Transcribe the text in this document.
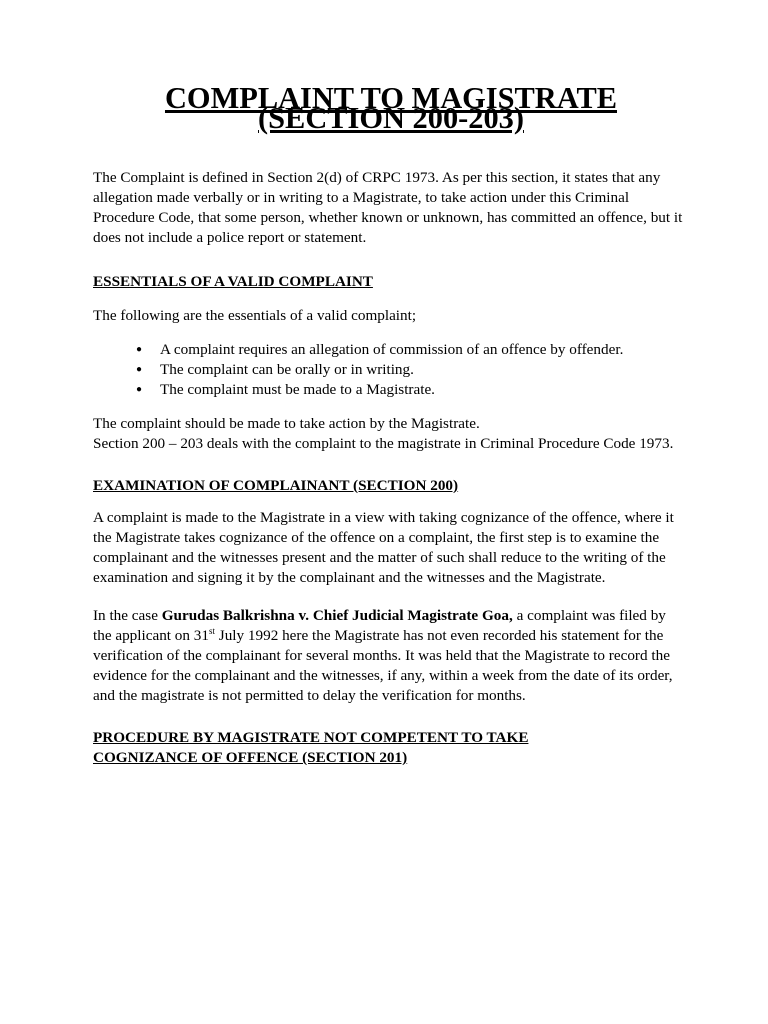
COMPLAINT TO MAGISTRATE (SECTION 200-203)

The Complaint is defined in Section 2(d) of CRPC 1973. As per this section, it states that any allegation made verbally or in writing to a Magistrate, to take action under this Criminal Procedure Code, that some person, whether known or unknown, has committed an offence, but it does not include a police report or statement.

ESSENTIALS OF A VALID COMPLAINT

The following are the essentials of a valid complaint;

● A complaint requires an allegation of commission of an offence by offender.
● The complaint can be orally or in writing.
● The complaint must be made to a Magistrate.

The complaint should be made to take action by the Magistrate.

Section 200 – 203 deals with the complaint to the magistrate in Criminal Procedure Code 1973.

EXAMINATION OF COMPLAINANT (SECTION 200)

A complaint is made to the Magistrate in a view with taking cognizance of the offence, where it the Magistrate takes cognizance of the offence on a complaint, the first step is to examine the complainant and the witnesses present and the matter of such shall reduce to the writing of the examination and signing it by the complainant and the witnesses and the Magistrate.

In the case Gurudas Balkrishna v. Chief Judicial Magistrate Goa, a complaint was filed by the applicant on 31st July 1992 here the Magistrate has not even recorded his statement for the verification of the complainant for several months. It was held that the Magistrate to record the evidence for the complainant and the witnesses, if any, within a week from the date of its order, and the magistrate is not permitted to delay the verification for months.

PROCEDURE BY MAGISTRATE NOT COMPETENT TO TAKE
COGNIZANCE OF OFFENCE (SECTION 201)
